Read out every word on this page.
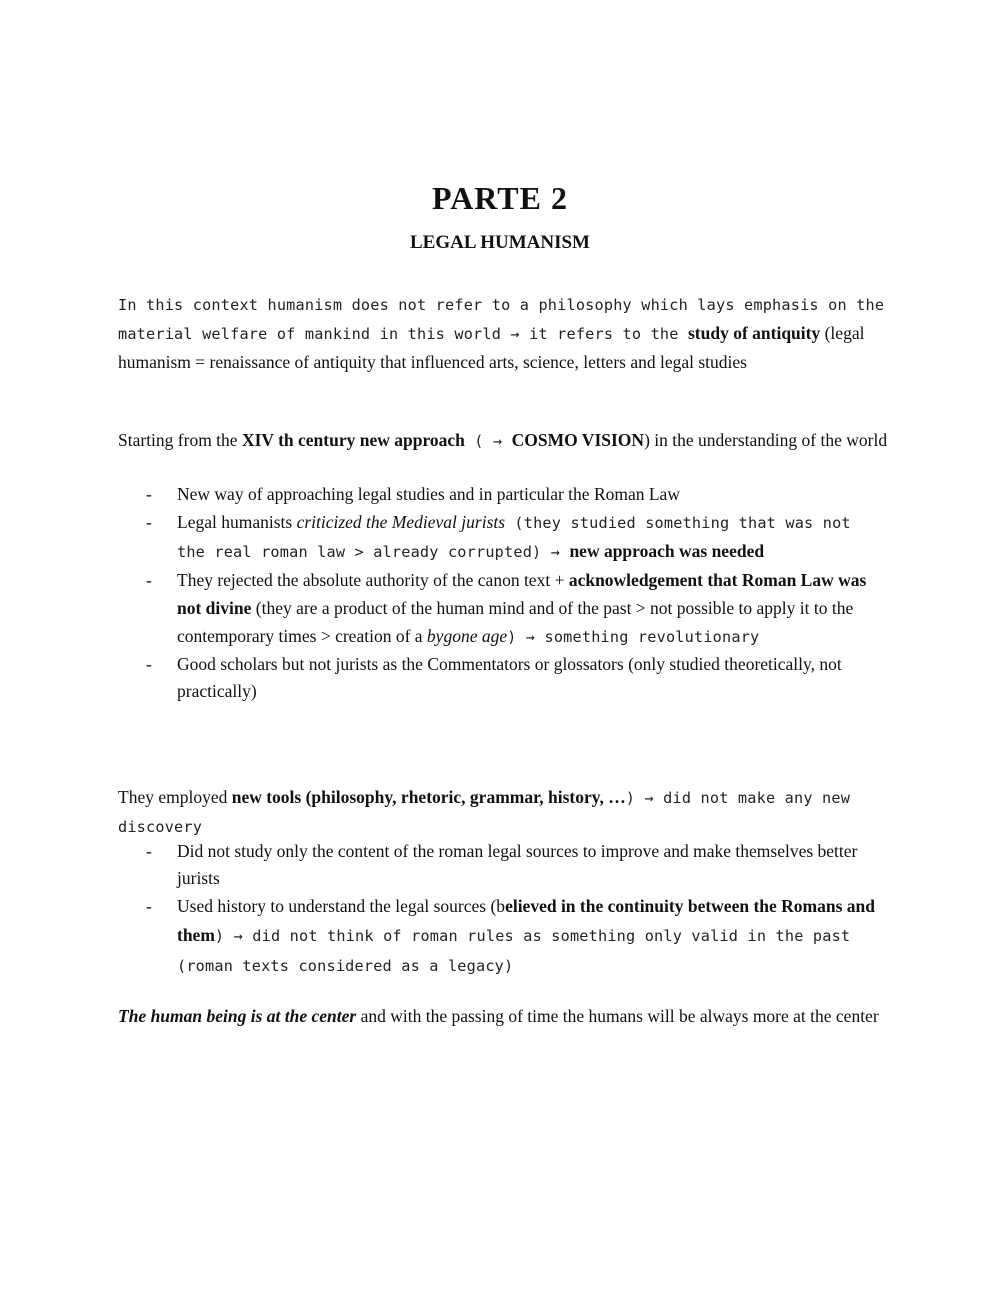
PARTE 2
LEGAL HUMANISM

In this context humanism does not refer to a philosophy which lays emphasis on the material welfare of mankind in this world → it refers to the study of antiquity (legal humanism = renaissance of antiquity that influenced arts, science, letters and legal studies

Starting from the XIV th century new approach ( → COSMO VISION) in the understanding of the world

- New way of approaching legal studies and in particular the Roman Law
- Legal humanists criticized the Medieval jurists (they studied something that was not the real roman law > already corrupted) → new approach was needed
- They rejected the absolute authority of the canon text + acknowledgement that Roman Law was not divine (they are a product of the human mind and of the past > not possible to apply it to the contemporary times > creation of a bygone age) → something revolutionary
- Good scholars but not jurists as the Commentators or glossators (only studied theoretically, not practically)

They employed new tools (philosophy, rhetoric, grammar, history, …) → did not make any new discovery

- Did not study only the content of the roman legal sources to improve and make themselves better jurists
- Used history to understand the legal sources (believed in the continuity between the Romans and them) → did not think of roman rules as something only valid in the past (roman texts considered as a legacy)

The human being is at the center and with the passing of time the humans will be always more at the center
